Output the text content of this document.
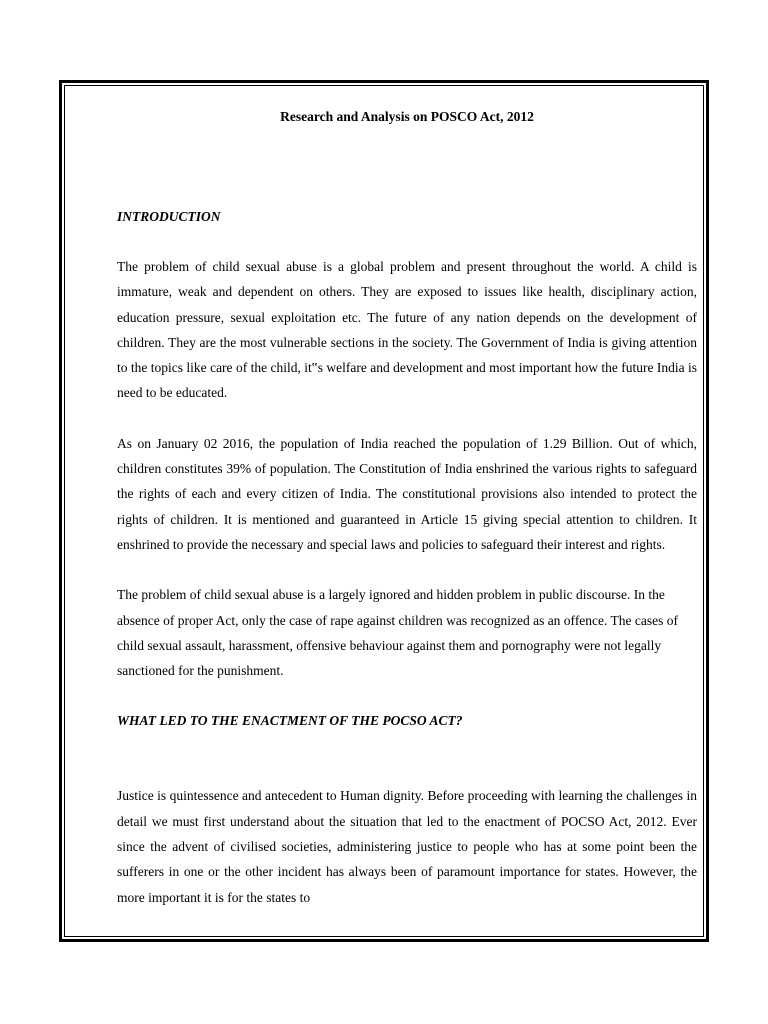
Research and Analysis on POSCO Act, 2012

INTRODUCTION

The problem of child sexual abuse is a global problem and present throughout the world. A child is immature, weak and dependent on others. They are exposed to issues like health, disciplinary action, education pressure, sexual exploitation etc. The future of any nation depends on the development of children. They are the most vulnerable sections in the society. The Government of India is giving attention to the topics like care of the child, it‟s welfare and development and most important how the future India is need to be educated.

As on January 02 2016, the population of India reached the population of 1.29 Billion. Out of which, children constitutes 39% of population. The Constitution of India enshrined the various rights to safeguard the rights of each and every citizen of India. The constitutional provisions also intended to protect the rights of children. It is mentioned and guaranteed in Article 15 giving special attention to children. It enshrined to provide the necessary and special laws and policies to safeguard their interest and rights.

The problem of child sexual abuse is a largely ignored and hidden problem in public discourse. In the absence of proper Act, only the case of rape against children was recognized as an offence. The cases of child sexual assault, harassment, offensive behaviour against them and pornography were not legally sanctioned for the punishment.

WHAT LED TO THE ENACTMENT OF THE POCSO ACT?

Justice is quintessence and antecedent to Human dignity. Before proceeding with learning the challenges in detail we must first understand about the situation that led to the enactment of POCSO Act, 2012. Ever since the advent of civilised societies, administering justice to people who has at some point been the sufferers in one or the other incident has always been of paramount importance for states. However, the more important it is for the states to
